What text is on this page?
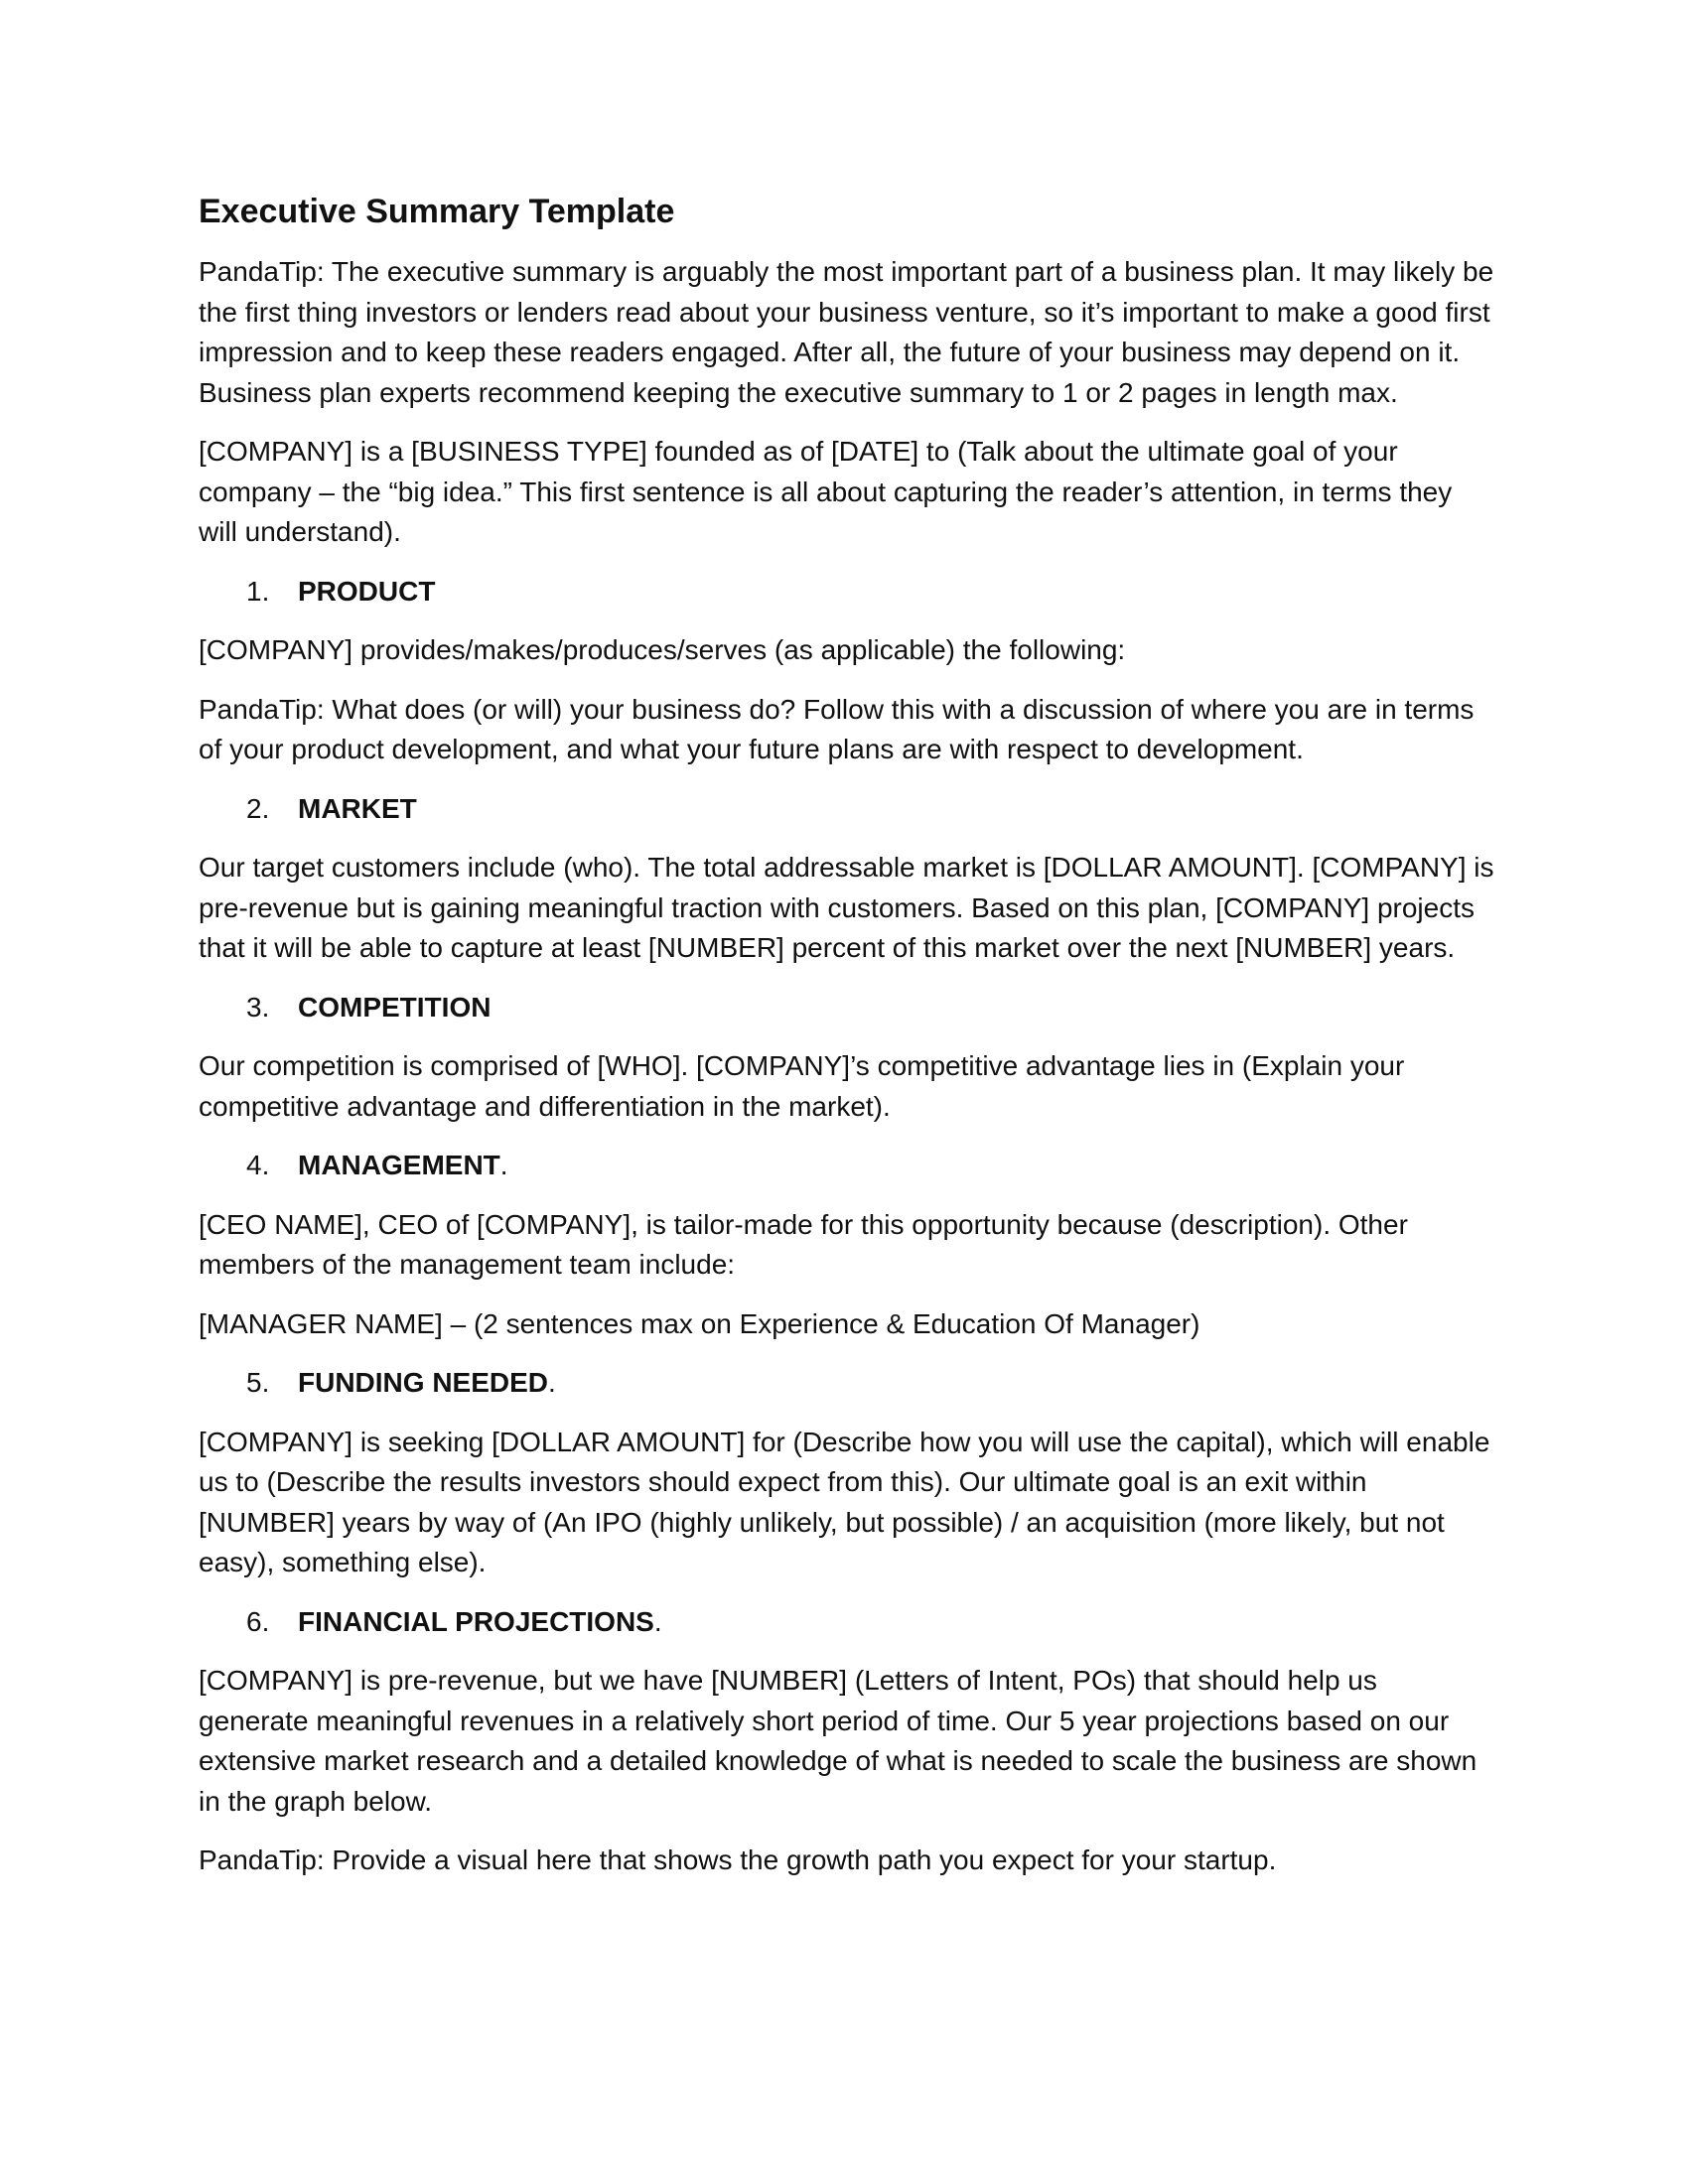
Executive Summary Template

PandaTip: The executive summary is arguably the most important part of a business plan. It may likely be the first thing investors or lenders read about your business venture, so it’s important to make a good first impression and to keep these readers engaged. After all, the future of your business may depend on it. Business plan experts recommend keeping the executive summary to 1 or 2 pages in length max.

[COMPANY] is a [BUSINESS TYPE] founded as of [DATE] to (Talk about the ultimate goal of your company – the “big idea.” This first sentence is all about capturing the reader’s attention, in terms they will understand).

1. PRODUCT

[COMPANY] provides/makes/produces/serves (as applicable) the following:

PandaTip: What does (or will) your business do? Follow this with a discussion of where you are in terms of your product development, and what your future plans are with respect to development.

2. MARKET

Our target customers include (who). The total addressable market is [DOLLAR AMOUNT]. [COMPANY] is pre-revenue but is gaining meaningful traction with customers. Based on this plan, [COMPANY] projects that it will be able to capture at least [NUMBER] percent of this market over the next [NUMBER] years.

3. COMPETITION

Our competition is comprised of [WHO]. [COMPANY]’s competitive advantage lies in (Explain your competitive advantage and differentiation in the market).

4. MANAGEMENT.

[CEO NAME], CEO of [COMPANY], is tailor-made for this opportunity because (description). Other members of the management team include:

[MANAGER NAME] – (2 sentences max on Experience & Education Of Manager)

5. FUNDING NEEDED.

[COMPANY] is seeking [DOLLAR AMOUNT] for (Describe how you will use the capital), which will enable us to (Describe the results investors should expect from this). Our ultimate goal is an exit within [NUMBER] years by way of (An IPO (highly unlikely, but possible) / an acquisition (more likely, but not easy), something else).

6. FINANCIAL PROJECTIONS.

[COMPANY] is pre-revenue, but we have [NUMBER] (Letters of Intent, POs) that should help us generate meaningful revenues in a relatively short period of time. Our 5 year projections based on our extensive market research and a detailed knowledge of what is needed to scale the business are shown in the graph below.

PandaTip: Provide a visual here that shows the growth path you expect for your startup.
